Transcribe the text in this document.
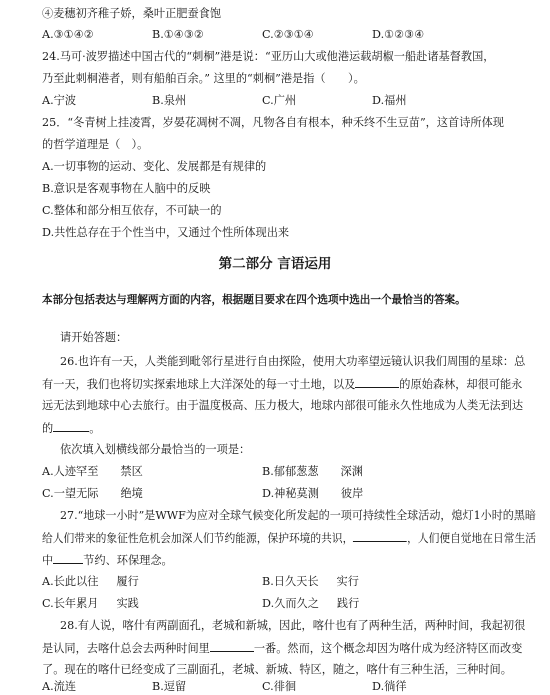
④麦穗初齐稚子娇，桑叶正肥蚕食饱
A.③①④②	B.①④③②	C.②③①④	D.①②③④
24.马可·波罗描述中国古代的“刺桐”港是说：“亚历山大或他港运载胡椒一船赴诸基督教国，
乃至此刺桐港者，则有船舶百余。” 这里的“刺桐”港是指（　　）。
A.宁波	B.泉州	C.广州	D.福州
25．“冬青树上挂凌霄，岁晏花凋树不凋，凡物各自有根本，种禾终不生豆苗”，这首诗所体现
的哲学道理是（　）。
A.一切事物的运动、变化、发展都是有规律的
B.意识是客观事物在人脑中的反映
C.整体和部分相互依存，不可缺一的
D.共性总存在于个性当中，又通过个性所体现出来
第二部分 言语运用
本部分包括表达与理解两方面的内容，根据题目要求在四个选项中选出一个最恰当的答案。
请开始答题：
26.也许有一天，人类能到毗邻行星进行自由探险，使用大功率望远镜认识我们周围的星球：总
有一天，我们也将切实探索地球上大洋深处的每一寸土地，以及	的原始森林，却很可能永
远无法到地球中心去旅行。由于温度极高、压力极大，地球内部很可能永久性地成为人类无法到达
的	。
依次填入划横线部分最恰当的一项是：
A.人迹罕至 禁区	B.郁郁葱葱 深渊
C.一望无际 绝境	D.神秘莫测 彼岸
27.“地球一小时”是WWF为应对全球气候变化所发起的一项可持续性全球活动，熄灯1小时的黑暗
给人们带来的象征性危机会加深人们节约能源，保护环境的共识，	，人们便自觉地在日常生活
中	节约、环保理念。
A.长此以往 履行	B.日久天长 实行
C.长年累月 实践	D.久而久之 践行
28.有人说，喀什有两副面孔，老城和新城，因此，喀什也有了两种生活，两种时间，我起初很
是认同，去喀什总会去两种时间里	一番。然而，这个概念却因为喀什成为经济特区而改变
了。现在的喀什已经变成了三副面孔，老城、新城、特区，随之，喀什有三种生活，三种时间。
A.流连	B.逗留	C.徘徊	D.徜徉
